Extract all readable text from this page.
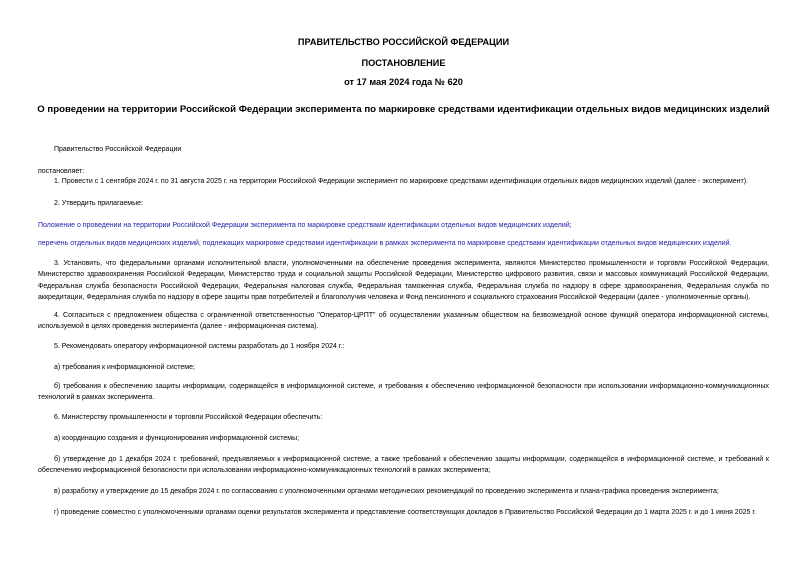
ПРАВИТЕЛЬСТВО РОССИЙСКОЙ ФЕДЕРАЦИИ
ПОСТАНОВЛЕНИЕ
от 17 мая 2024 года № 620
О проведении на территории Российской Федерации эксперимента по маркировке средствами идентификации отдельных видов медицинских изделий
Правительство Российской Федерации
постановляет:
1. Провести с 1 сентября 2024 г. по 31 августа 2025 г. на территории Российской Федерации эксперимент по маркировке средствами идентификации отдельных видов медицинских изделий (далее - эксперимент).
2. Утвердить прилагаемые:
Положение о проведении на территории Российской Федерации эксперимента по маркировке средствами идентификации отдельных видов медицинских изделий;
перечень отдельных видов медицинских изделий, подлежащих маркировке средствами идентификации в рамках эксперимента по маркировке средствами идентификации отдельных видов медицинских изделий.
3. Установить, что федеральными органами исполнительной власти, уполномоченными на обеспечение проведения эксперимента, являются Министерство промышленности и торговли Российской Федерации, Министерство здравоохранения Российской Федерации, Министерство труда и социальной защиты Российской Федерации, Министерство цифрового развития, связи и массовых коммуникаций Российской Федерации, Федеральная служба безопасности Российской Федерации, Федеральная налоговая служба, Федеральная таможенная служба, Федеральная служба по надзору в сфере здравоохранения, Федеральная служба по аккредитации, Федеральная служба по надзору в сфере защиты прав потребителей и благополучия человека и Фонд пенсионного и социального страхования Российской Федерации (далее - уполномоченные органы).
4. Согласиться с предложением общества с ограниченной ответственностью "Оператор-ЦРПТ" об осуществлении указанным обществом на безвозмездной основе функций оператора информационной системы, используемой в целях проведения эксперимента (далее - информационная система).
5. Рекомендовать оператору информационной системы разработать до 1 ноября 2024 г.:
а) требования к информационной системе;
б) требования к обеспечению защиты информации, содержащейся в информационной системе, и требования к обеспечению информационной безопасности при использовании информационно-коммуникационных технологий в рамках эксперимента.
6. Министерству промышленности и торговли Российской Федерации обеспечить:
а) координацию создания и функционирования информационной системы;
б) утверждение до 1 декабря 2024 г. требований, предъявляемых к информационной системе, а также требований к обеспечению защиты информации, содержащейся в информационной системе, и требований к обеспечению информационной безопасности при использовании информационно-коммуникационных технологий в рамках эксперимента;
в) разработку и утверждение до 15 декабря 2024 г. по согласованию с уполномоченными органами методических рекомендаций по проведению эксперимента и плана-графика проведения эксперимента;
г) проведение совместно с уполномоченными органами оценки результатов эксперимента и представление соответствующих докладов в Правительство Российской Федерации до 1 марта 2025 г. и до 1 июня 2025 г.
